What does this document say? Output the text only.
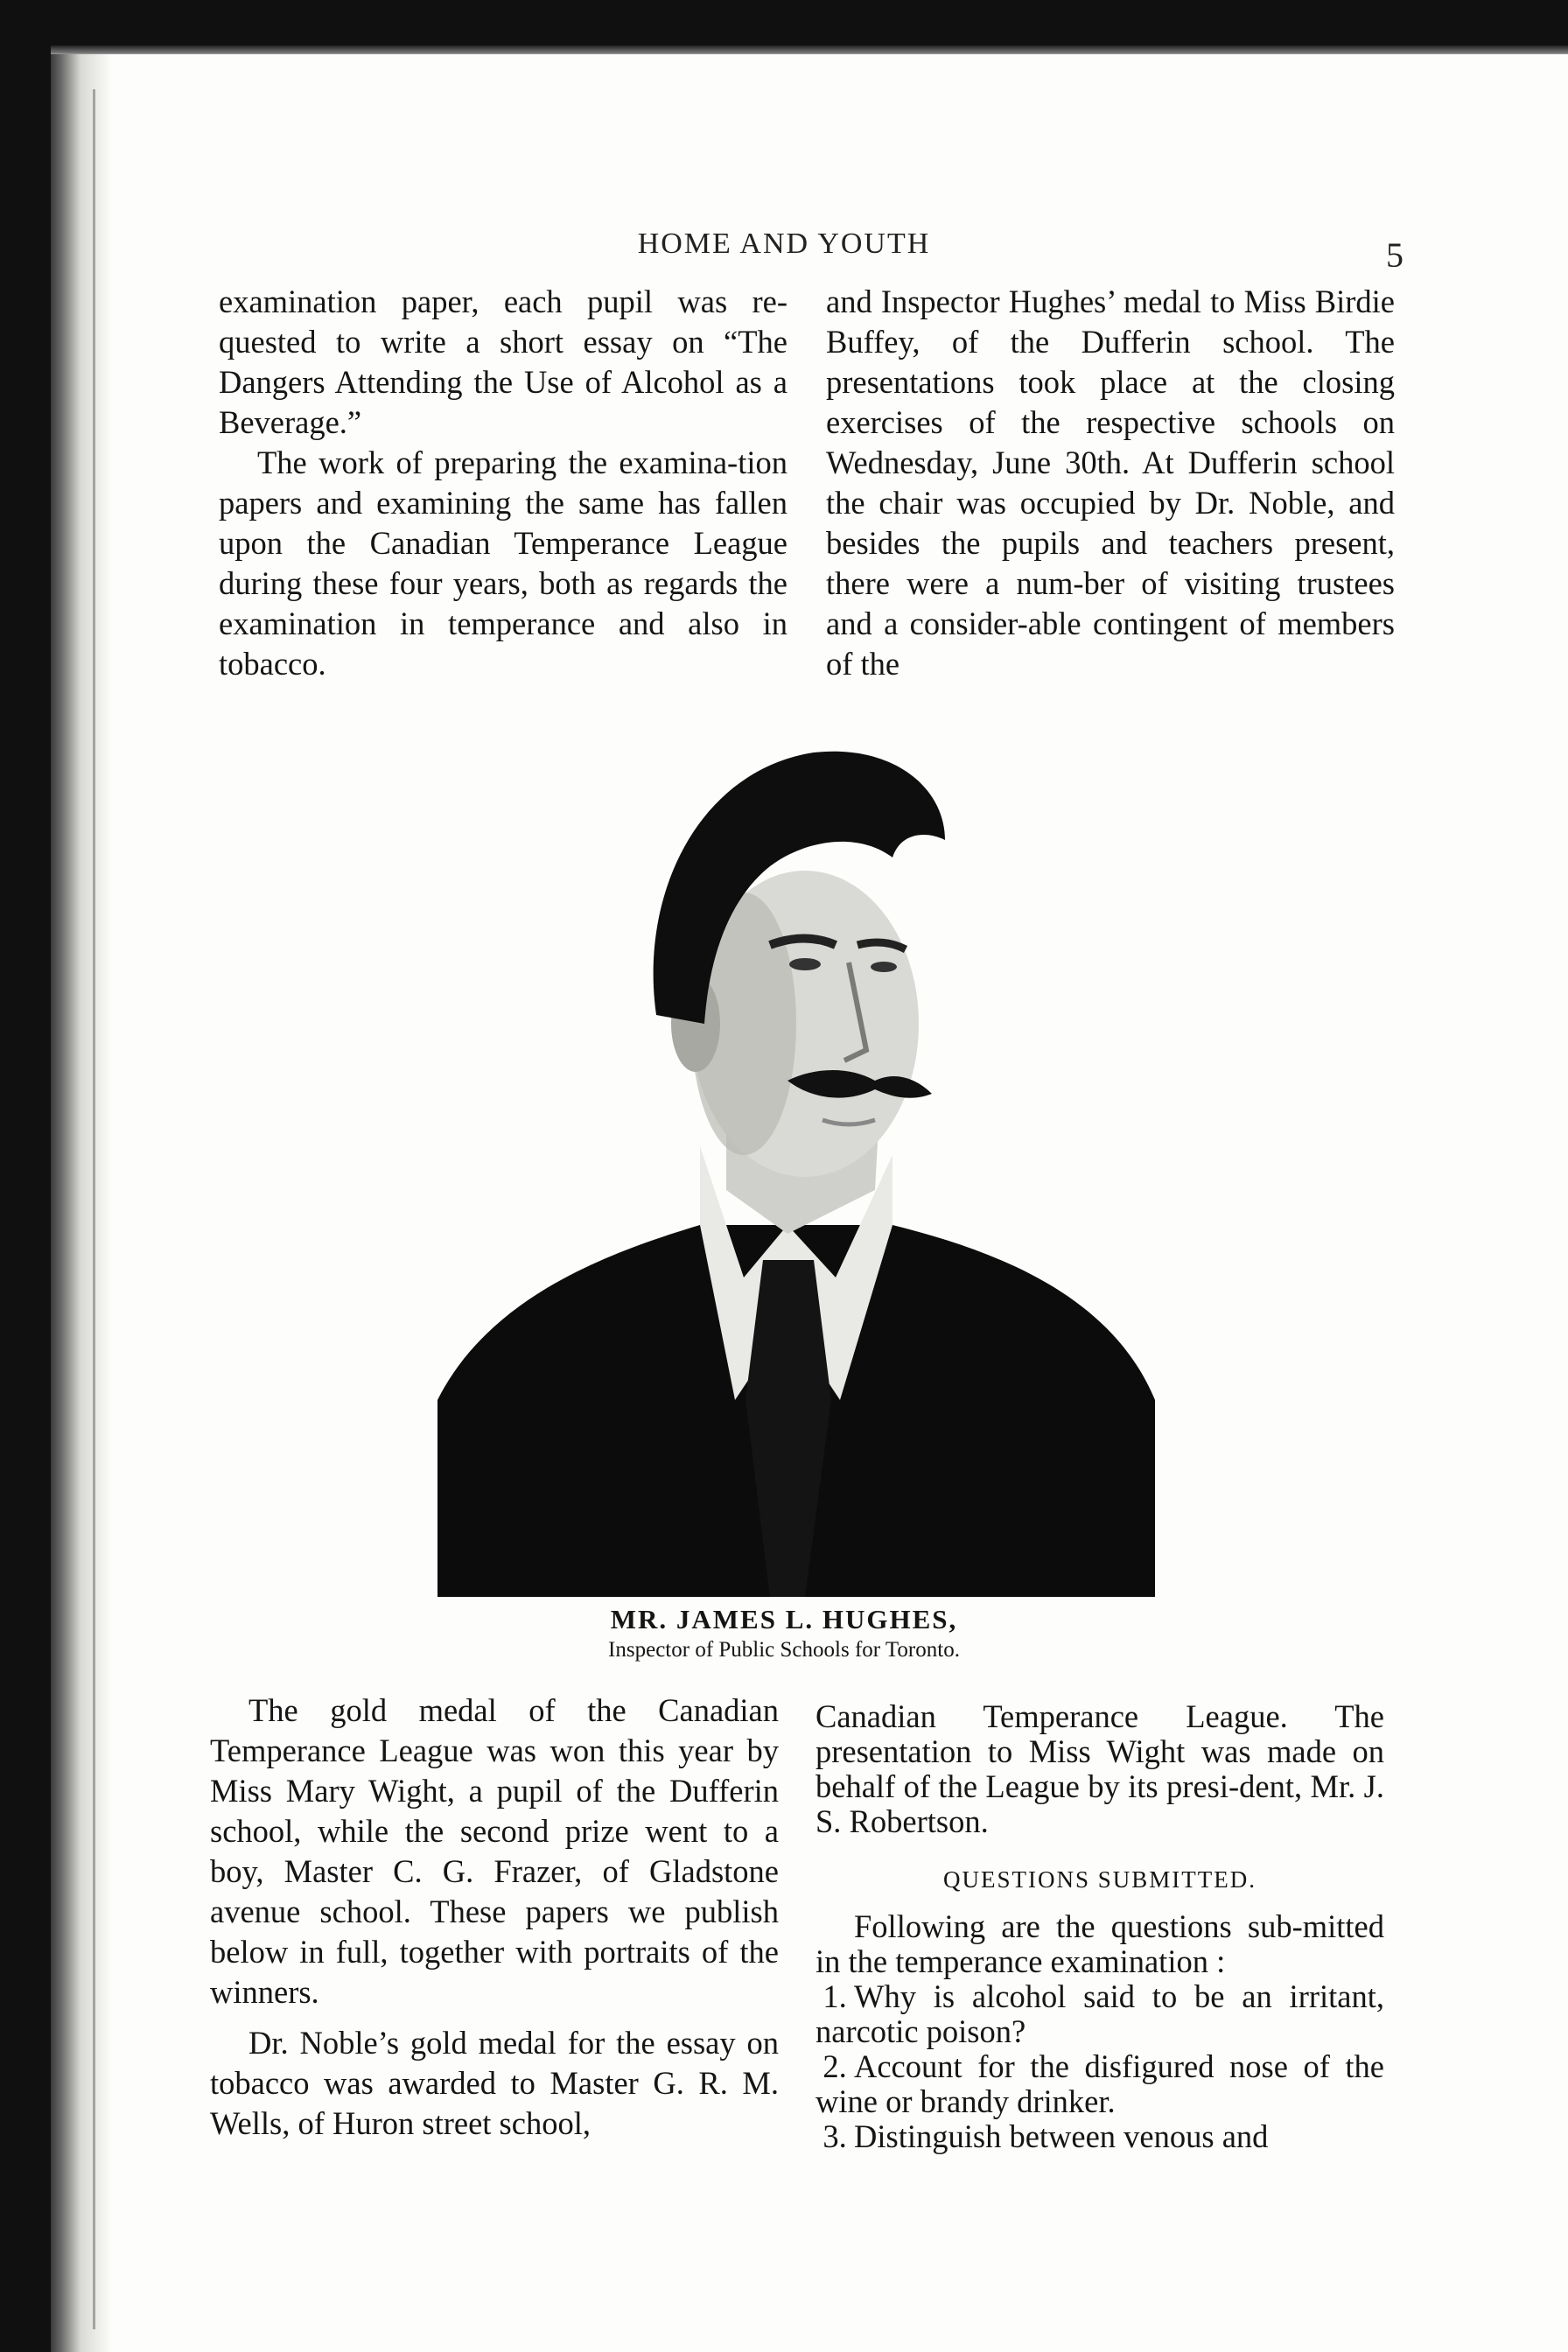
HOME AND YOUTH	5

examination paper, each pupil was re-quested to write a short essay on “The Dangers Attending the Use of Alcohol as a Beverage.”

The work of preparing the examina-tion papers and examining the same has fallen upon the Canadian Temperance League during these four years, both as regards the examination in temperance and also in tobacco.

and Inspector Hughes’ medal to Miss Birdie Buffey, of the Dufferin school. The presentations took place at the closing exercises of the respective schools on Wednesday, June 30th. At Dufferin school the chair was occupied by Dr. Noble, and besides the pupils and teachers present, there were a num-ber of visiting trustees and a consider-able contingent of members of the

MR. JAMES L. HUGHES,
Inspector of Public Schools for Toronto.

The gold medal of the Canadian Temperance League was won this year by Miss Mary Wight, a pupil of the Dufferin school, while the second prize went to a boy, Master C. G. Frazer, of Gladstone avenue school. These papers we publish below in full, together with portraits of the winners.

Dr. Noble’s gold medal for the essay on tobacco was awarded to Master G. R. M. Wells, of Huron street school,

Canadian Temperance League. The presentation to Miss Wight was made on behalf of the League by its presi-dent, Mr. J. S. Robertson.

QUESTIONS SUBMITTED.

Following are the questions sub-mitted in the temperance examination :

1. Why is alcohol said to be an irritant, narcotic poison?

2. Account for the disfigured nose of the wine or brandy drinker.

3. Distinguish between venous and
